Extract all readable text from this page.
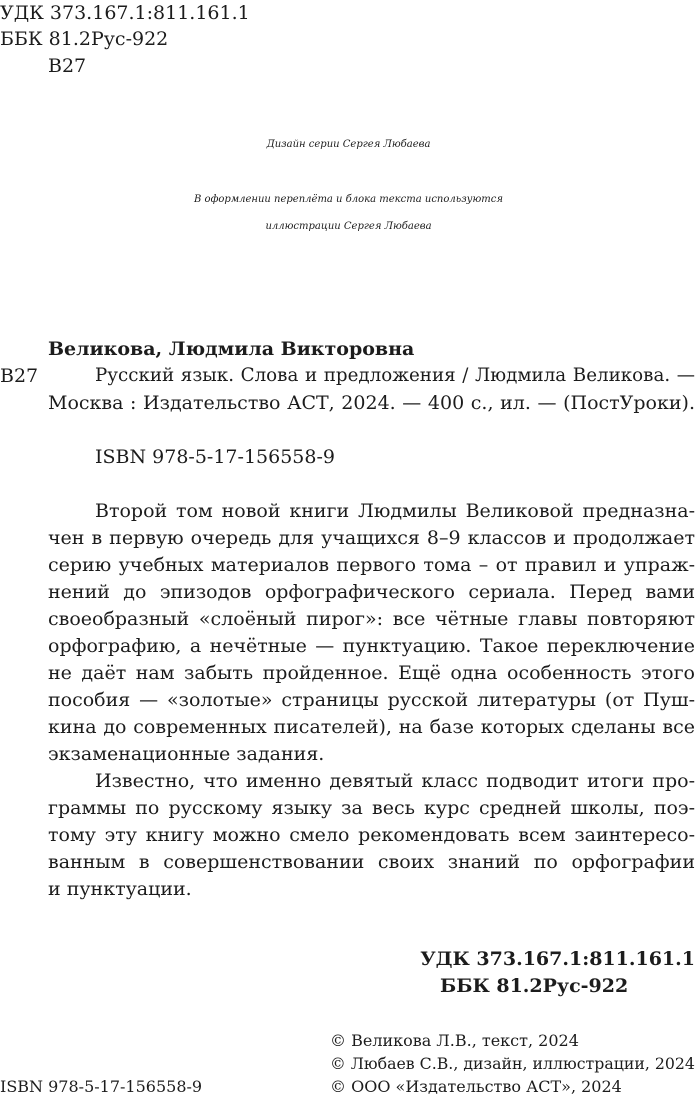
УДК 373.167.1:811.161.1
ББК 81.2Рус-922
В27
Дизайн серии Сергея Любаева
В оформлении переплёта и блока текста используются
иллюстрации Сергея Любаева
Великова, Людмила Викторовна
В27	Русский язык. Слова и предложения / Людмила Великова. —
Москва : Издательство АСТ, 2024. — 400 с., ил. — (ПостУроки).
ISBN 978-5-17-156558-9
Второй том новой книги Людмилы Великовой предназна-
чен в первую очередь для учащихся 8–9 классов и продолжает
серию учебных материалов первого тома – от правил и упраж-
нений до эпизодов орфографического сериала. Перед вами
своеобразный «слоёный пирог»: все чётные главы повторяют
орфографию, а нечётные — пунктуацию. Такое переключение
не даёт нам забыть пройденное. Ещё одна особенность этого
пособия — «золотые» страницы русской литературы (от Пуш-
кина до современных писателей), на базе которых сделаны все
экзаменационные задания.
Известно, что именно девятый класс подводит итоги про-
граммы по русскому языку за весь курс средней школы, поэ-
тому эту книгу можно смело рекомендовать всем заинтересо-
ванным в совершенствовании своих знаний по орфографии
и пунктуации.
УДК 373.167.1:811.161.1
ББК 81.2Рус-922
© Великова Л.В., текст, 2024
© Любаев С.В., дизайн, иллюстрации, 2024
ISBN 978-5-17-156558-9	© ООО «Издательство АСТ», 2024
